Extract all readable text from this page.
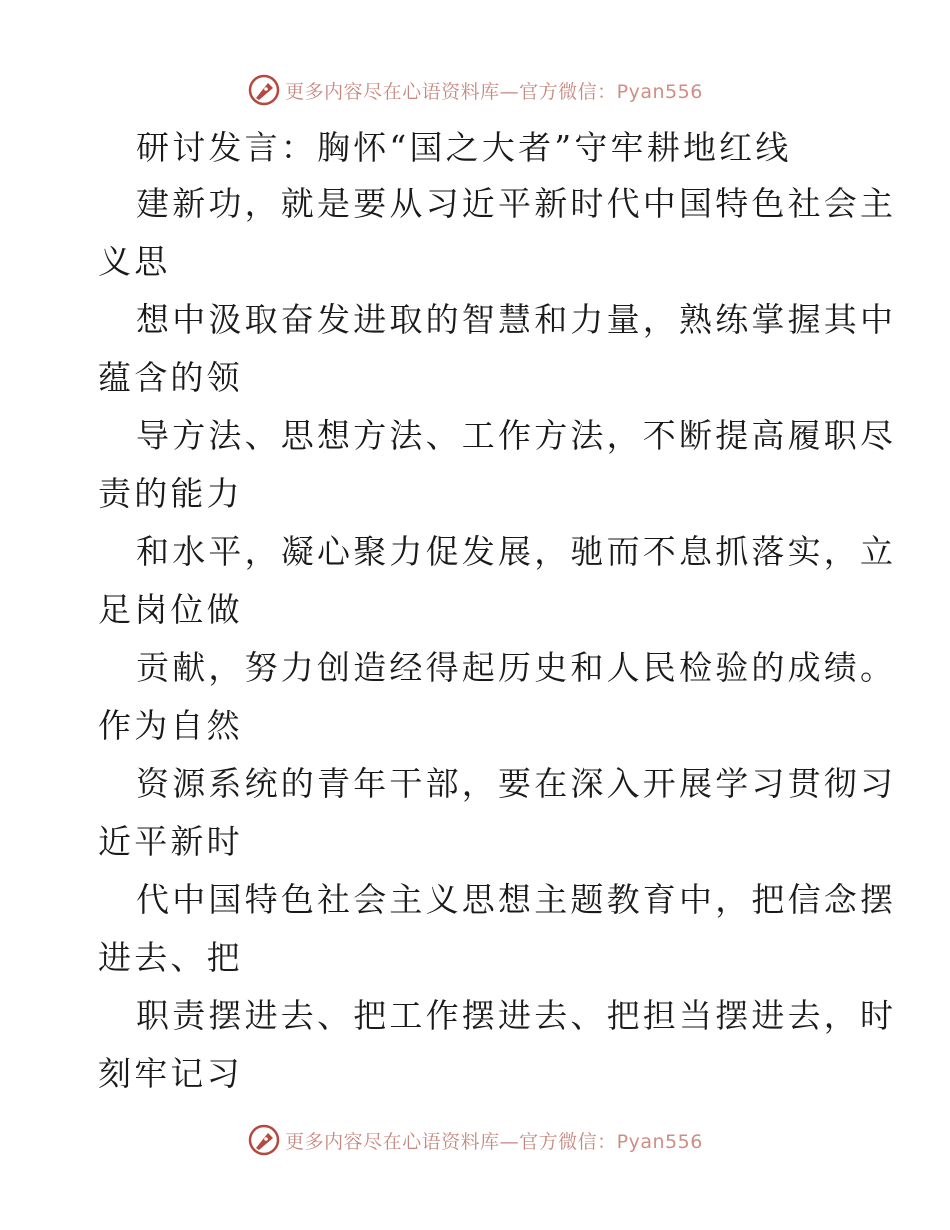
更多内容尽在心语资料库—官方微信：Pyan556
研讨发言：胸怀“国之大者”守牢耕地红线
建新功，就是要从习近平新时代中国特色社会主
义思
想中汲取奋发进取的智慧和力量，熟练掌握其中
蕴含的领
导方法、思想方法、工作方法，不断提高履职尽
责的能力
和水平，凝心聚力促发展，驰而不息抓落实，立
足岗位做
贡献，努力创造经得起历史和人民检验的成绩。
作为自然
资源系统的青年干部，要在深入开展学习贯彻习
近平新时
代中国特色社会主义思想主题教育中，把信念摆
进去、把
职责摆进去、把工作摆进去、把担当摆进去，时
刻牢记习
更多内容尽在心语资料库—官方微信：Pyan556
